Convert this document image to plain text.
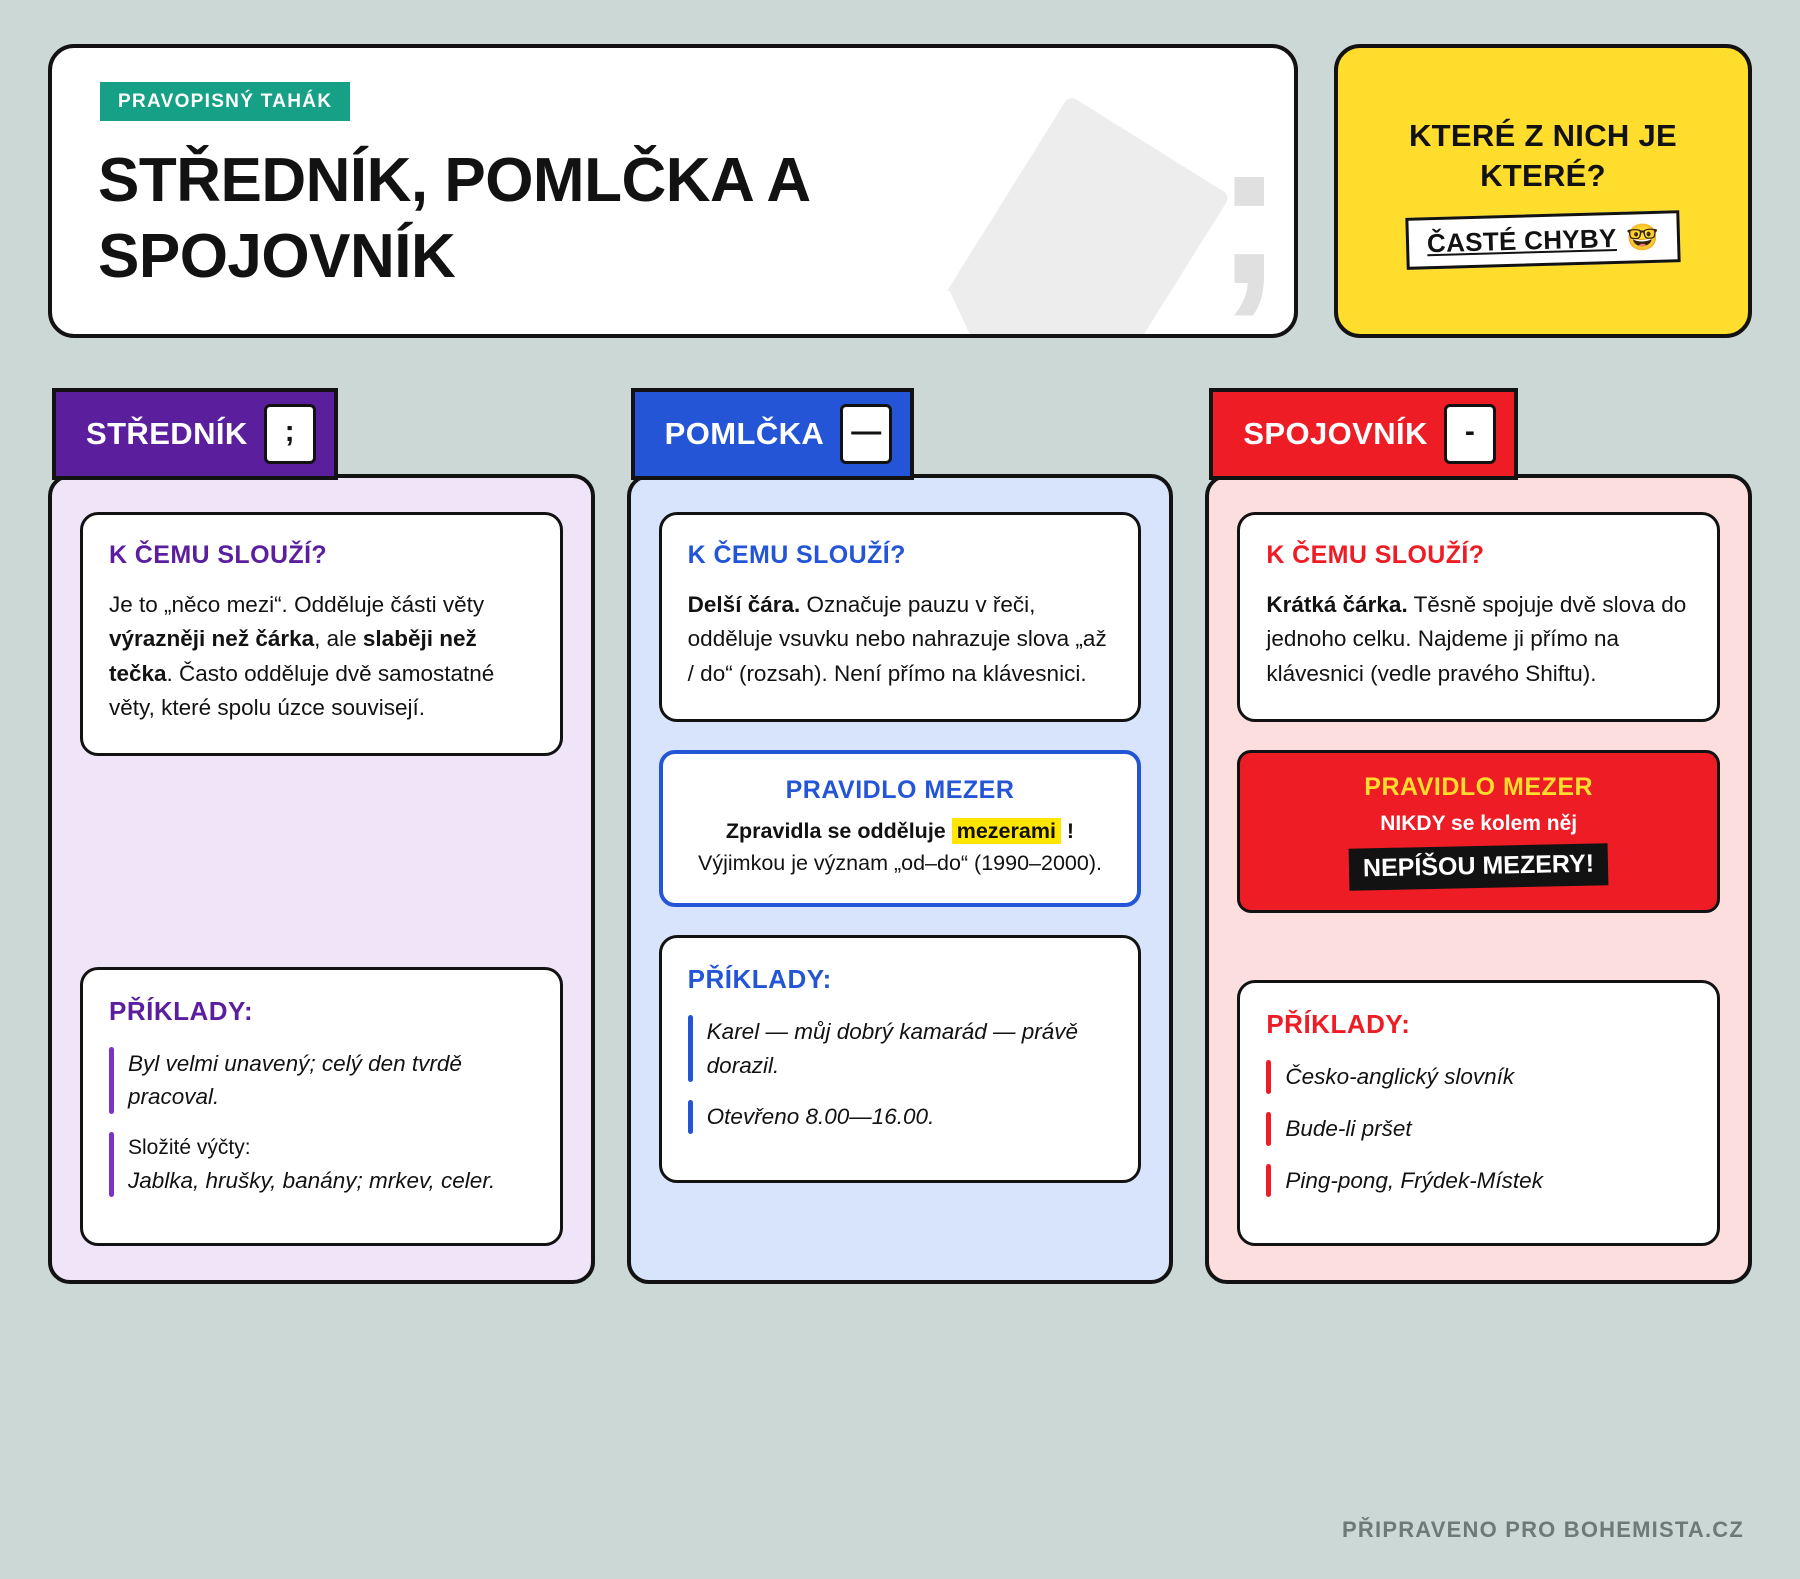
;
PRAVOPISNÝ TAHÁK
STŘEDNÍK, POMLČKA A SPOJOVNÍK
KTERÉ Z NICH JE KTERÉ?
ČASTÉ CHYBY 🤓
STŘEDNÍK ;
K ČEMU SLOUŽÍ?

Je to „něco mezi“. Odděluje části věty výrazněji než čárka, ale slaběji než tečka. Často odděluje dvě samostatné věty, které spolu úzce souvisejí.

PŘÍKLADY:
Byl velmi unavený; celý den tvrdě pracoval.
Složité výčty:
Jablka, hrušky, banány; mrkev, celer.
POMLČKA —
K ČEMU SLOUŽÍ?

Delší čára. Označuje pauzu v řeči, odděluje vsuvku nebo nahrazuje slova „až / do“ (rozsah). Není přímo na klávesnici.

PRAVIDLO MEZER
Zpravidla se odděluje mezerami !
Výjimkou je význam „od–do“ (1990–2000).
PŘÍKLADY:
Karel — můj dobrý kamarád — právě dorazil.
Otevřeno 8.00—16.00.
SPOJOVNÍK -
K ČEMU SLOUŽÍ?

Krátká čárka. Těsně spojuje dvě slova do jednoho celku. Najdeme ji přímo na klávesnici (vedle pravého Shiftu).

PRAVIDLO MEZER
NIKDY se kolem něj
NEPÍŠOU MEZERY!
PŘÍKLADY:
Česko-anglický slovník
Bude-li pršet
Ping-pong, Frýdek-Místek
PŘIPRAVENO PRO BOHEMISTA.CZ
